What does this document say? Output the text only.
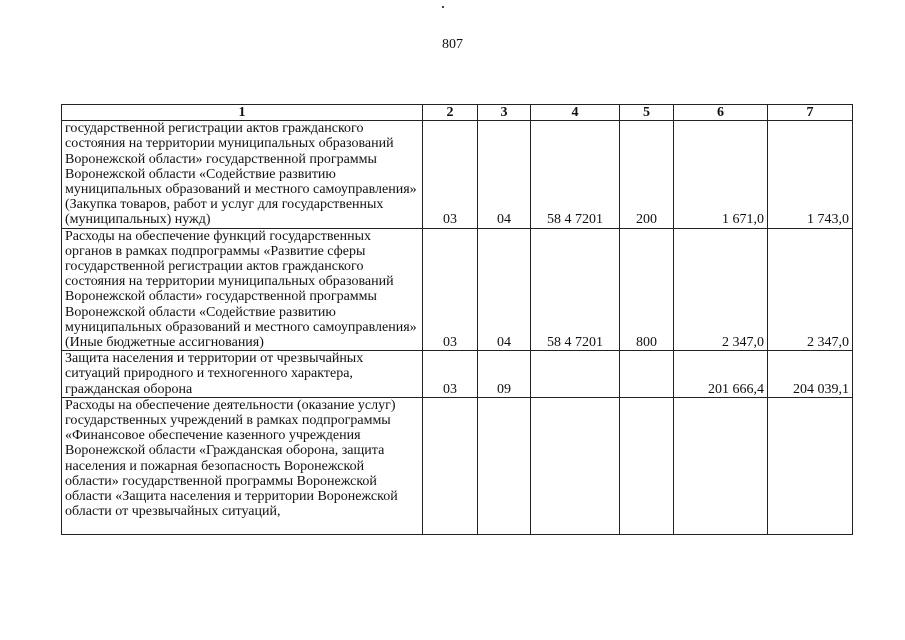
807
1	2	3	4	5	6	7
государственной регистрации актов гражданского состояния на территории муниципальных образований Воронежской области» государственной программы Воронежской области «Содействие развитию муниципальных образований и местного самоуправления» (Закупка товаров, работ и услуг для государственных (муниципальных) нужд)	03	04	58 4 7201	200	1 671,0	1 743,0
Расходы на обеспечение функций государственных органов в рамках подпрограммы «Развитие сферы государственной регистрации актов гражданского состояния на территории муниципальных образований Воронежской области» государственной программы Воронежской области «Содействие развитию муниципальных образований и местного самоуправления» (Иные бюджетные ассигнования)	03	04	58 4 7201	800	2 347,0	2 347,0
Защита населения и территории от чрезвычайных ситуаций природного и техногенного характера, гражданская оборона	03	09			201 666,4	204 039,1

Расходы на обеспечение деятельности (оказание услуг) государственных учреждений в рамках подпрограммы «Финансовое обеспечение казенного учреждения Воронежской области «Гражданская оборона, защита населения и пожарная безопасность Воронежской области» государственной программы Воронежской области «Защита населения и территории Воронежской области от чрезвычайных ситуаций,						
